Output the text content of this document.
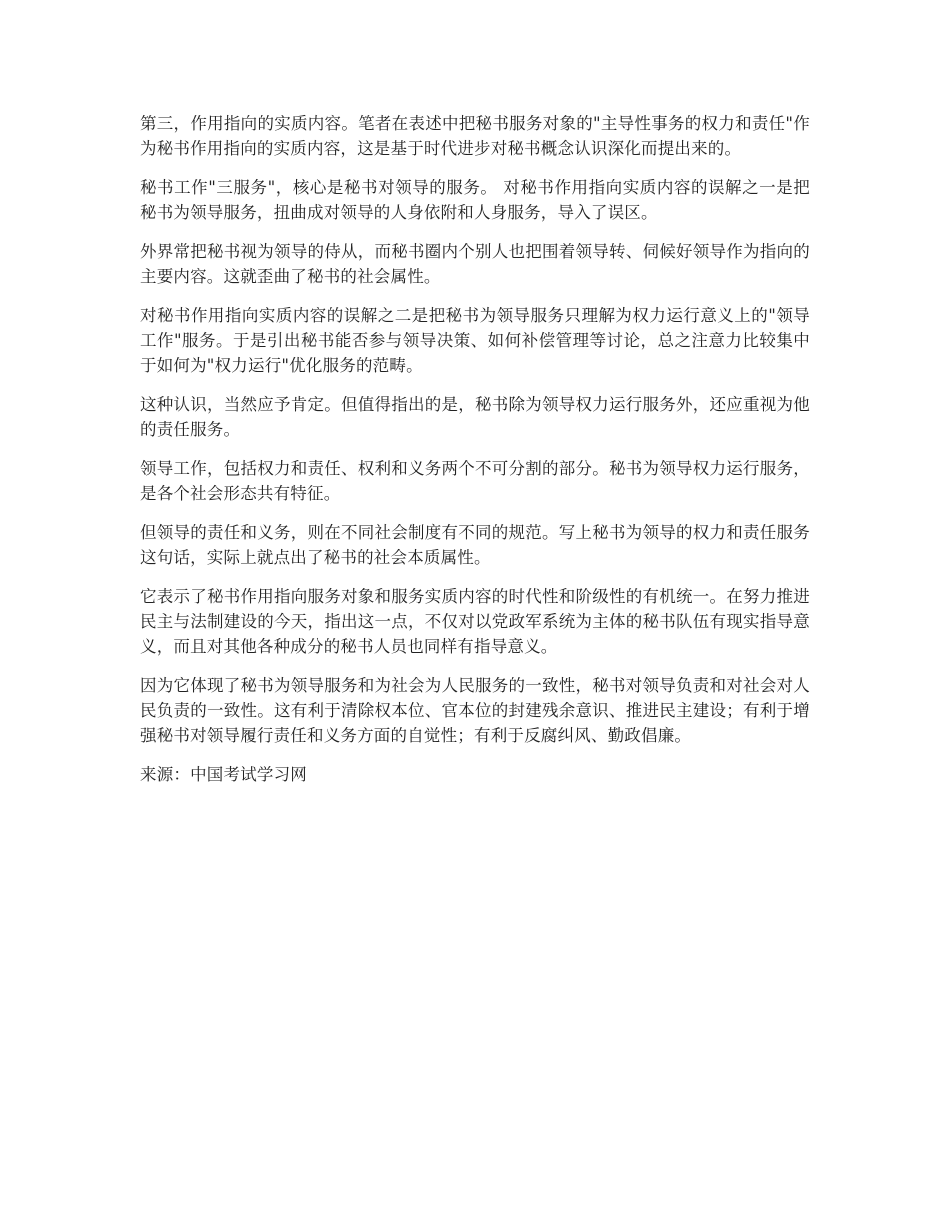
第三，作用指向的实质内容。笔者在表述中把秘书服务对象的"主导性事务的权力和责任"作为秘书作用指向的实质内容，这是基于时代进步对秘书概念认识深化而提出来的。

秘书工作"三服务"，核心是秘书对领导的服务。 对秘书作用指向实质内容的误解之一是把秘书为领导服务，扭曲成对领导的人身依附和人身服务，导入了误区。

外界常把秘书视为领导的侍从，而秘书圈内个别人也把围着领导转、伺候好领导作为指向的主要内容。这就歪曲了秘书的社会属性。

对秘书作用指向实质内容的误解之二是把秘书为领导服务只理解为权力运行意义上的"领导工作"服务。于是引出秘书能否参与领导决策、如何补偿管理等讨论，总之注意力比较集中于如何为"权力运行"优化服务的范畴。

这种认识，当然应予肯定。但值得指出的是，秘书除为领导权力运行服务外，还应重视为他的责任服务。

领导工作，包括权力和责任、权利和义务两个不可分割的部分。秘书为领导权力运行服务，是各个社会形态共有特征。

但领导的责任和义务，则在不同社会制度有不同的规范。写上秘书为领导的权力和责任服务这句话，实际上就点出了秘书的社会本质属性。

它表示了秘书作用指向服务对象和服务实质内容的时代性和阶级性的有机统一。在努力推进民主与法制建设的今天，指出这一点，不仅对以党政军系统为主体的秘书队伍有现实指导意义，而且对其他各种成分的秘书人员也同样有指导意义。

因为它体现了秘书为领导服务和为社会为人民服务的一致性，秘书对领导负责和对社会对人民负责的一致性。这有利于清除权本位、官本位的封建残余意识、推进民主建设；有利于增强秘书对领导履行责任和义务方面的自觉性；有利于反腐纠风、勤政倡廉。

来源：中国考试学习网
